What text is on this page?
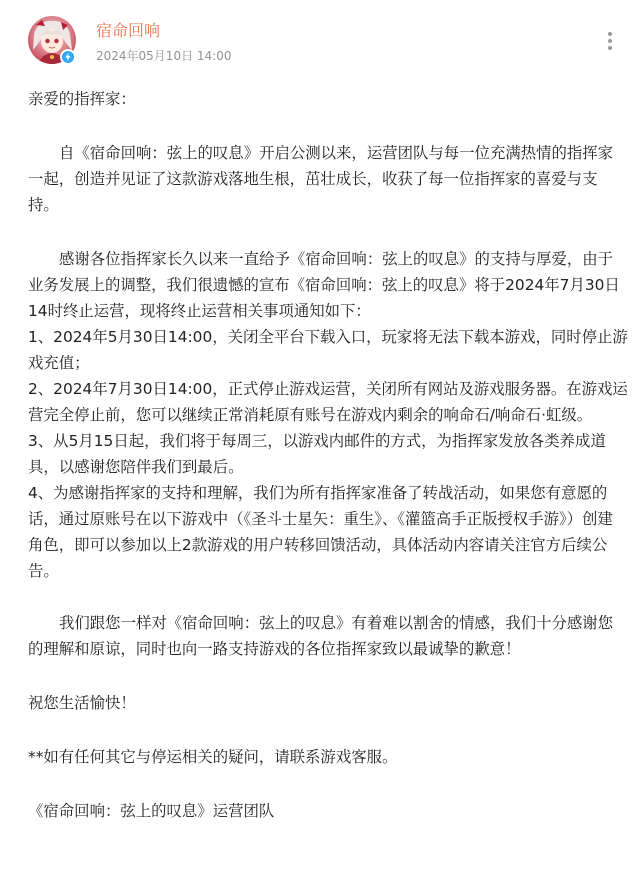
宿命回响
2024年05月10日 14:00

亲爱的指挥家：

自《宿命回响：弦上的叹息》开启公测以来，运营团队与每一位充满热情的指挥家一起，创造并见证了这款游戏落地生根，茁壮成长，收获了每一位指挥家的喜爱与支持。

感谢各位指挥家长久以来一直给予《宿命回响：弦上的叹息》的支持与厚爱，由于业务发展上的调整，我们很遗憾的宣布《宿命回响：弦上的叹息》将于2024年7月30日14时终止运营，现将终止运营相关事项通知如下：

1、2024年5月30日14:00，关闭全平台下载入口，玩家将无法下载本游戏，同时停止游戏充值；

2、2024年7月30日14:00，正式停止游戏运营，关闭所有网站及游戏服务器。在游戏运营完全停止前，您可以继续正常消耗原有账号在游戏内剩余的响命石/响命石·虹级。

3、从5月15日起，我们将于每周三，以游戏内邮件的方式，为指挥家发放各类养成道具，以感谢您陪伴我们到最后。

4、为感谢指挥家的支持和理解，我们为所有指挥家准备了转战活动，如果您有意愿的话，通过原账号在以下游戏中（《圣斗士星矢：重生》、《灌篮高手正版授权手游》）创建角色，即可以参加以上2款游戏的用户转移回馈活动，具体活动内容请关注官方后续公告。

我们跟您一样对《宿命回响：弦上的叹息》有着难以割舍的情感，我们十分感谢您的理解和原谅，同时也向一路支持游戏的各位指挥家致以最诚挚的歉意！

祝您生活愉快！

**如有任何其它与停运相关的疑问，请联系游戏客服。

《宿命回响：弦上的叹息》运营团队
